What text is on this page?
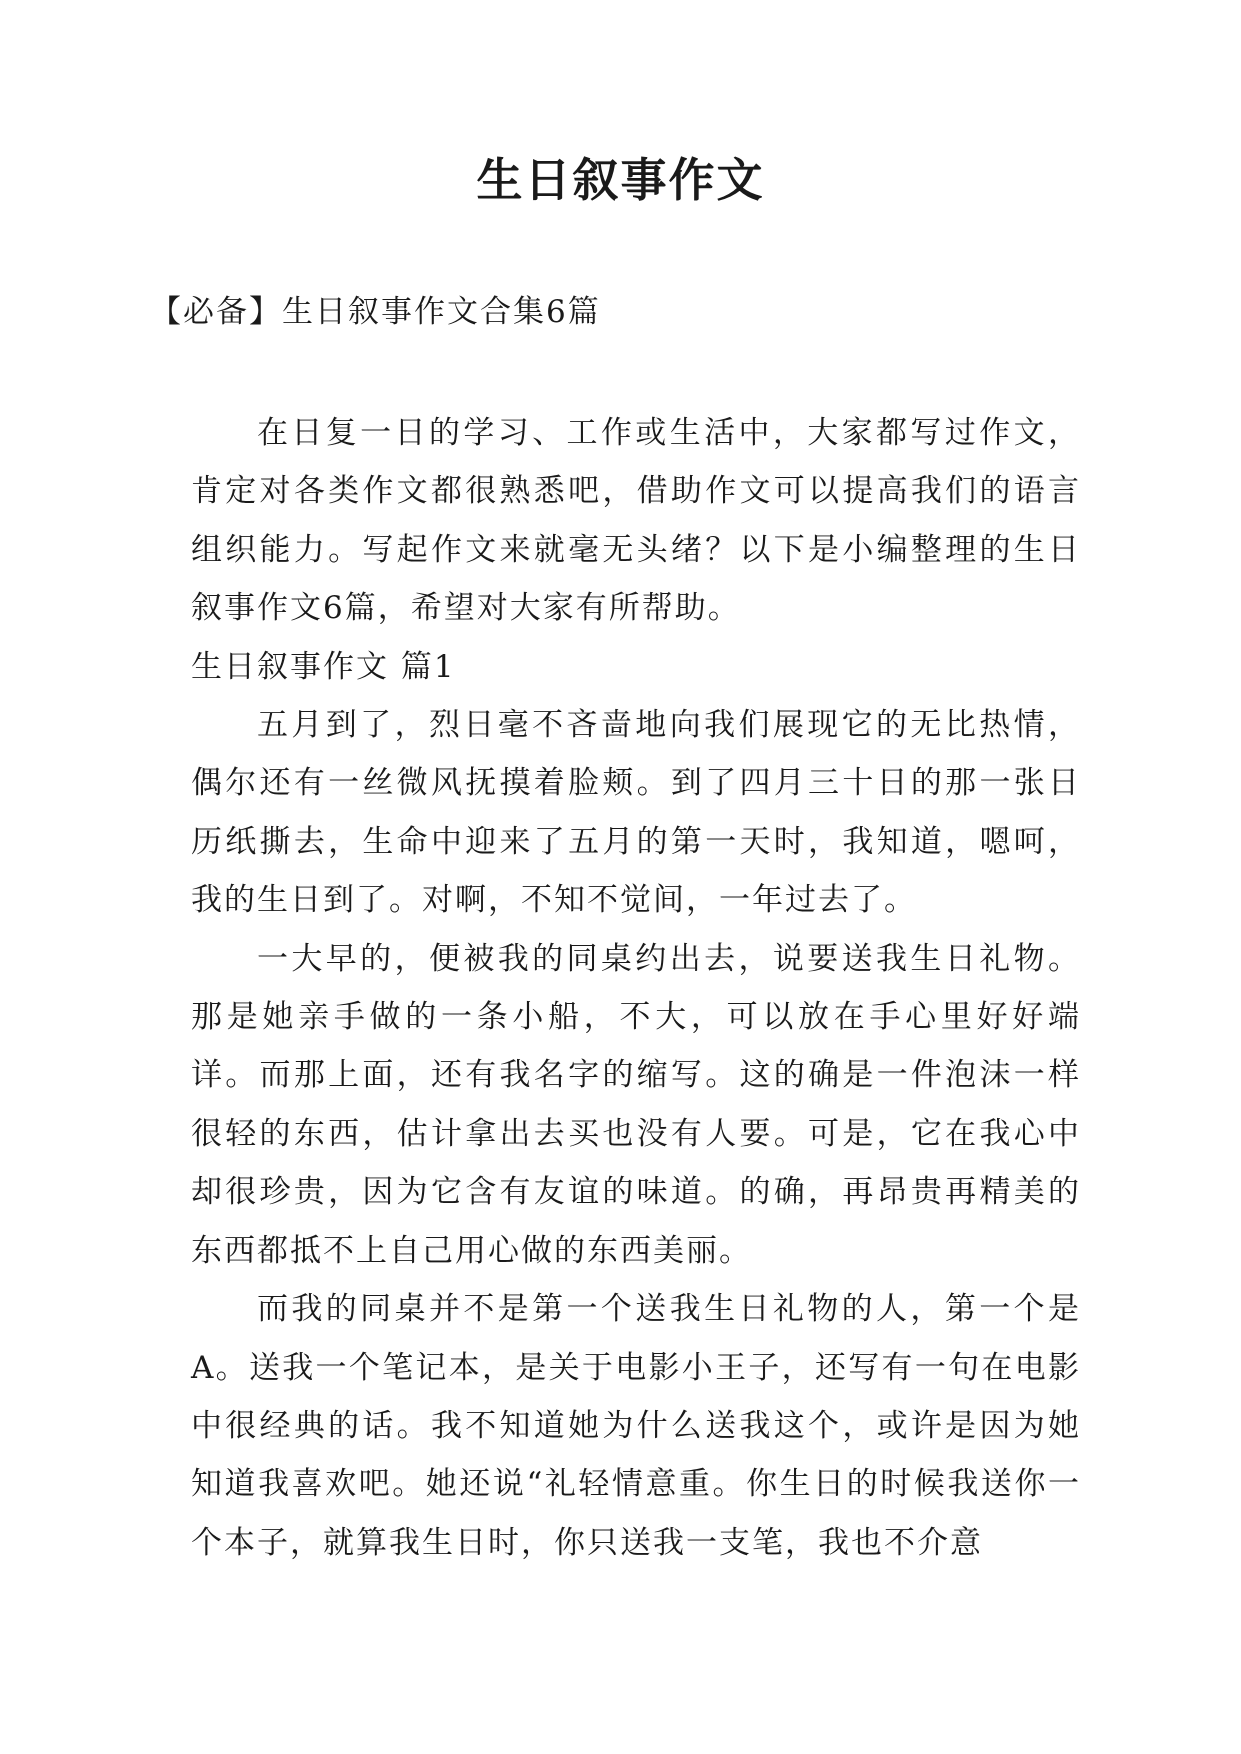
生日叙事作文
【必备】生日叙事作文合集6篇

在日复一日的学习、工作或生活中，大家都写过作文，肯定对各类作文都很熟悉吧，借助作文可以提高我们的语言组织能力。写起作文来就毫无头绪？以下是小编整理的生日叙事作文6篇，希望对大家有所帮助。

生日叙事作文 篇1

五月到了，烈日毫不吝啬地向我们展现它的无比热情，偶尔还有一丝微风抚摸着脸颊。到了四月三十日的那一张日历纸撕去，生命中迎来了五月的第一天时，我知道，嗯呵，我的生日到了。对啊，不知不觉间，一年过去了。

一大早的，便被我的同桌约出去，说要送我生日礼物。那是她亲手做的一条小船，不大，可以放在手心里好好端详。而那上面，还有我名字的缩写。这的确是一件泡沫一样很轻的东西，估计拿出去买也没有人要。可是，它在我心中却很珍贵，因为它含有友谊的味道。的确，再昂贵再精美的东西都抵不上自己用心做的东西美丽。

而我的同桌并不是第一个送我生日礼物的人，第一个是A。送我一个笔记本，是关于电影小王子，还写有一句在电影中很经典的话。我不知道她为什么送我这个，或许是因为她知道我喜欢吧。她还说“礼轻情意重。你生日的时候我送你一个本子，就算我生日时，你只送我一支笔，我也不介意
